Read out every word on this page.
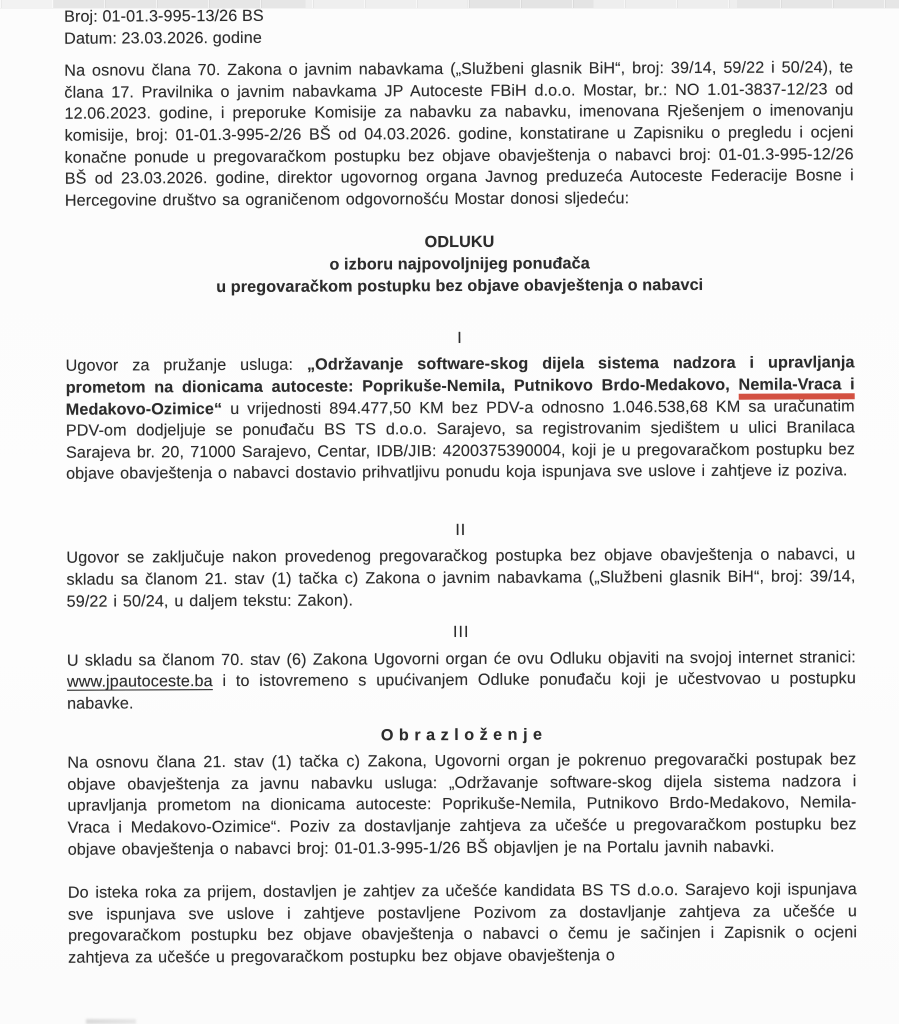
Broj: 01-01.3-995-13/26 BS
Datum: 23.03.2026. godine

Na osnovu člana 70. Zakona o javnim nabavkama („Službeni glasnik BiH“, broj: 39/14, 59/22 i 50/24), te člana 17. Pravilnika o javnim nabavkama JP Autoceste FBiH d.o.o. Mostar, br.: NO 1.01-3837-12/23 od 12.06.2023. godine, i preporuke Komisije za nabavku za nabavku, imenovana Rješenjem o imenovanju komisije, broj: 01-01.3-995-2/26 BŠ od 04.03.2026. godine, konstatirane u Zapisniku o pregledu i ocjeni konačne ponude u pregovaračkom postupku bez objave obavještenja o nabavci broj: 01-01.3-995-12/26 BŠ od 23.03.2026. godine, direktor ugovornog organa Javnog preduzeća Autoceste Federacije Bosne i Hercegovine društvo sa ograničenom odgovornošću Mostar donosi sljedeću:

ODLUKU
o izboru najpovoljnijeg ponuđača
u pregovaračkom postupku bez objave obavještenja o nabavci
I

Ugovor za pružanje usluga: „Održavanje software-skog dijela sistema nadzora i upravljanja prometom na dionicama autoceste: Poprikuše-Nemila, Putnikovo Brdo-Medakovo, Nemila-Vraca i Medakovo-Ozimice“ u vrijednosti 894.477,50 KM bez PDV-a odnosno 1.046.538,68 KM sa uračunatim PDV-om dodjeljuje se ponuđaču BS TS d.o.o. Sarajevo, sa registrovanim sjedištem u ulici Branilaca Sarajeva br. 20, 71000 Sarajevo, Centar, IDB/JIB: 4200375390004, koji je u pregovaračkom postupku bez objave obavještenja o nabavci dostavio prihvatljivu ponudu koja ispunjava sve uslove i zahtjeve iz poziva.

II

Ugovor se zaključuje nakon provedenog pregovaračkog postupka bez objave obavještenja o nabavci, u skladu sa članom 21. stav (1) tačka c) Zakona o javnim nabavkama („Službeni glasnik BiH“, broj: 39/14, 59/22 i 50/24, u daljem tekstu: Zakon).

III

U skladu sa članom 70. stav (6) Zakona Ugovorni organ će ovu Odluku objaviti na svojoj internet stranici: www.jpautoceste.ba i to istovremeno s upućivanjem Odluke ponuđaču koji je učestvovao u postupku nabavke.

O b r a z l o ž e n j e

Na osnovu člana 21. stav (1) tačka c) Zakona, Ugovorni organ je pokrenuo pregovarački postupak bez objave obavještenja za javnu nabavku usluga: „Održavanje software-skog dijela sistema nadzora i upravljanja prometom na dionicama autoceste: Poprikuše-Nemila, Putnikovo Brdo-Medakovo, Nemila-Vraca i Medakovo-Ozimice“. Poziv za dostavljanje zahtjeva za učešće u pregovaračkom postupku bez objave obavještenja o nabavci broj: 01-01.3-995-1/26 BŠ objavljen je na Portalu javnih nabavki.

Do isteka roka za prijem, dostavljen je zahtjev za učešće kandidata BS TS d.o.o. Sarajevo koji ispunjava sve ispunjava sve uslove i zahtjeve postavljene Pozivom za dostavljanje zahtjeva za učešće u pregovaračkom postupku bez objave obavještenja o nabavci o čemu je sačinjen i Zapisnik o ocjeni zahtjeva za učešće u pregovaračkom postupku bez objave obavještenja o
